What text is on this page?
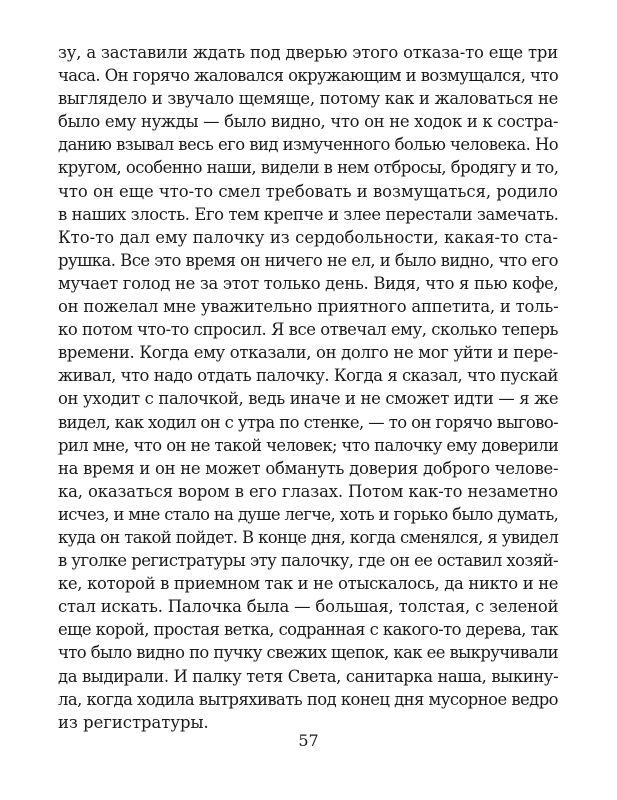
зу, а заставили ждать под дверью этого отказа-то еще три
часа. Он горячо жаловался окружающим и возмущался, что
выглядело и звучало щемяще, потому как и жаловаться не
было ему нужды — было видно, что он не ходок и к состра-
данию взывал весь его вид измученного болью человека. Но
кругом, особенно наши, видели в нем отбросы, бродягу и то,
что он еще что-то смел требовать и возмущаться, родило
в наших злость. Его тем крепче и злее перестали замечать.
Кто-то дал ему палочку из сердобольности, какая-то ста-
рушка. Все это время он ничего не ел, и было видно, что его
мучает голод не за этот только день. Видя, что я пью кофе,
он пожелал мне уважительно приятного аппетита, и толь-
ко потом что-то спросил. Я все отвечал ему, сколько теперь
времени. Когда ему отказали, он долго не мог уйти и пере-
живал, что надо отдать палочку. Когда я сказал, что пускай
он уходит с палочкой, ведь иначе и не сможет идти — я же
видел, как ходил он с утра по стенке, — то он горячо выгово-
рил мне, что он не такой человек; что палочку ему доверили
на время и он не может обмануть доверия доброго челове-
ка, оказаться вором в его глазах. Потом как-то незаметно
исчез, и мне стало на душе легче, хоть и горько было думать,
куда он такой пойдет. В конце дня, когда сменялся, я увидел
в уголке регистратуры эту палочку, где он ее оставил хозяй-
ке, которой в приемном так и не отыскалось, да никто и не
стал искать. Палочка была — большая, толстая, с зеленой
еще корой, простая ветка, содранная с какого-то дерева, так
что было видно по пучку свежих щепок, как ее выкручивали
да выдирали. И палку тетя Света, санитарка наша, выкину-
ла, когда ходила вытряхивать под конец дня мусорное ведро
из регистратуры.
57
